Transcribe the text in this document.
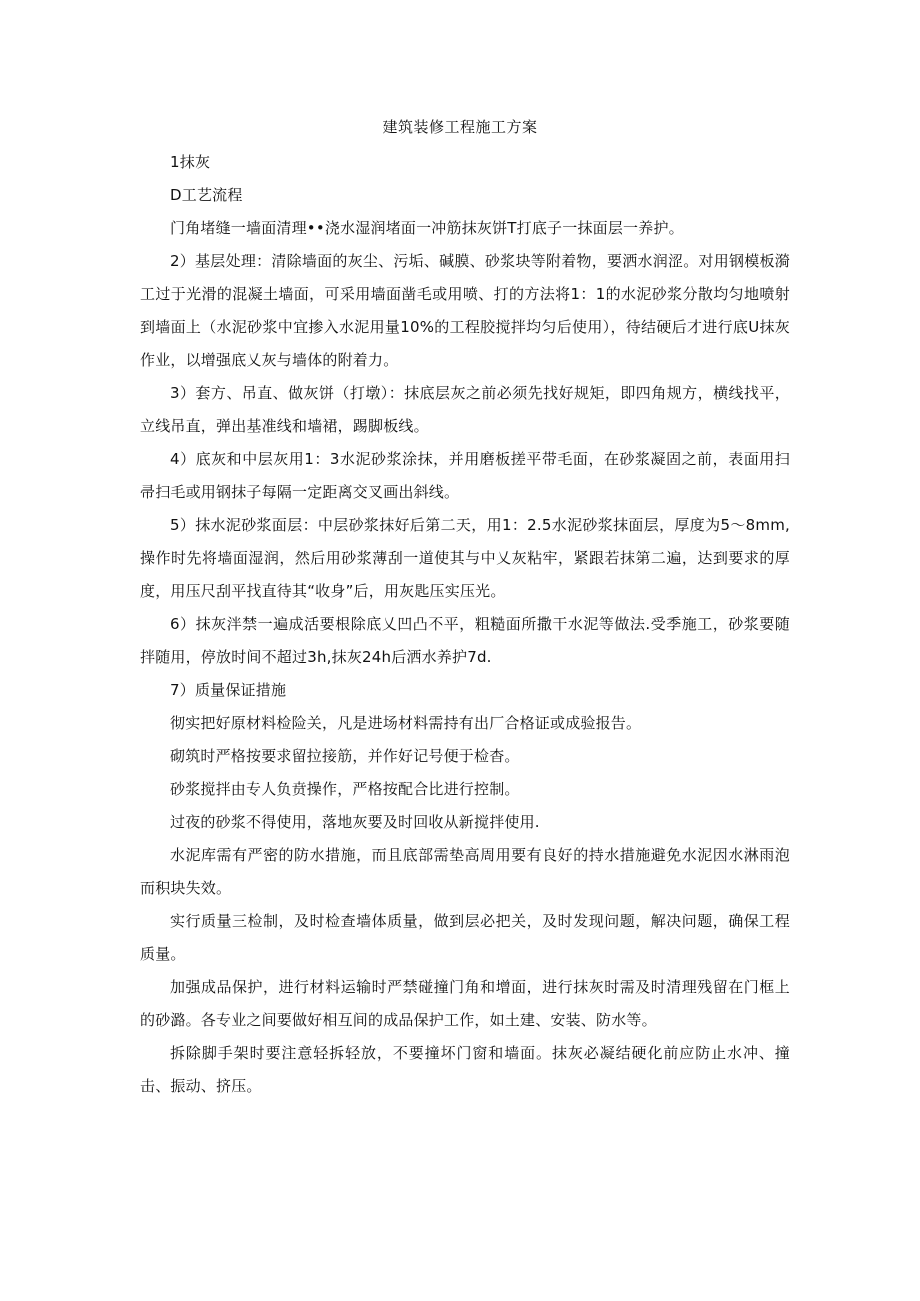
建筑装修工程施工方案

1抹灰

D工艺流程

门角堵缝一墙面清理••浇水湿润堵面一冲筋抹灰饼T打底子一抹面层一养护。

2）基层处理：清除墙面的灰尘、污垢、碱膜、砂浆块等附着物，要洒水润涩。对用钢模板漪工过于光滑的混凝土墙面，可采用墙面凿毛或用喷、打的方法将1：1的水泥砂浆分散均匀地喷射到墙面上（水泥砂浆中宜掺入水泥用量10%的工程胶搅拌均匀后使用），待结硬后才进行底U抹灰作业，以增强底乂灰与墙体的附着力。

3）套方、吊直、做灰饼（打墩）：抹底层灰之前必须先找好规矩，即四角规方，横线找平，立线吊直，弹出基准线和墙裙，踢脚板线。

4）底灰和中层灰用1：3水泥砂浆涂抹，并用磨板搓平带毛面，在砂浆凝固之前，表面用扫帚扫毛或用钢抹子每隔一定距离交叉画出斜线。

5）抹水泥砂浆面层：中层砂浆抹好后第二天，用1：2.5水泥砂浆抹面层，厚度为5〜8mm,操作时先将墙面湿润，然后用砂浆薄刮一道使其与中乂灰粘牢，紧跟若抹第二遍，达到要求的厚度，用压尺刮平找直待其“收身”后，用灰匙压实压光。

6）抹灰泮禁一遍成活要根除底乂凹凸不平，粗糙面所撒干水泥等做法.受季施工，砂浆要随拌随用，停放时间不超过3h,抹灰24h后洒水养护7d.

7）质量保证措施

彻实把好原材料检险关，凡是进场材料需持有出厂合格证或成验报告。

砌筑时严格按要求留拉接筋，并作好记号便于检杳。

砂浆搅拌由专人负贲操作，严格按配合比进行控制。

过夜的砂浆不得使用，落地灰要及时回收从新搅拌使用.

水泥库需有严密的防水措施，而且底部需垫高周用要有良好的持水措施避免水泥因水淋雨泡而积块失效。

实行质量三检制，及时检查墙体质量，做到层必把关，及时发现问题，解决问题，确保工程质量。

加强成品保护，进行材料运输时严禁碰撞门角和增面，进行抹灰时需及时清理残留在门框上的砂潞。各专业之间要做好相互间的成品保护工作，如土建、安装、防水等。

拆除脚手架时要注意轻拆轻放，不要撞坏门窗和墙面。抹灰必凝结硬化前应防止水冲、撞击、振动、挤压。
